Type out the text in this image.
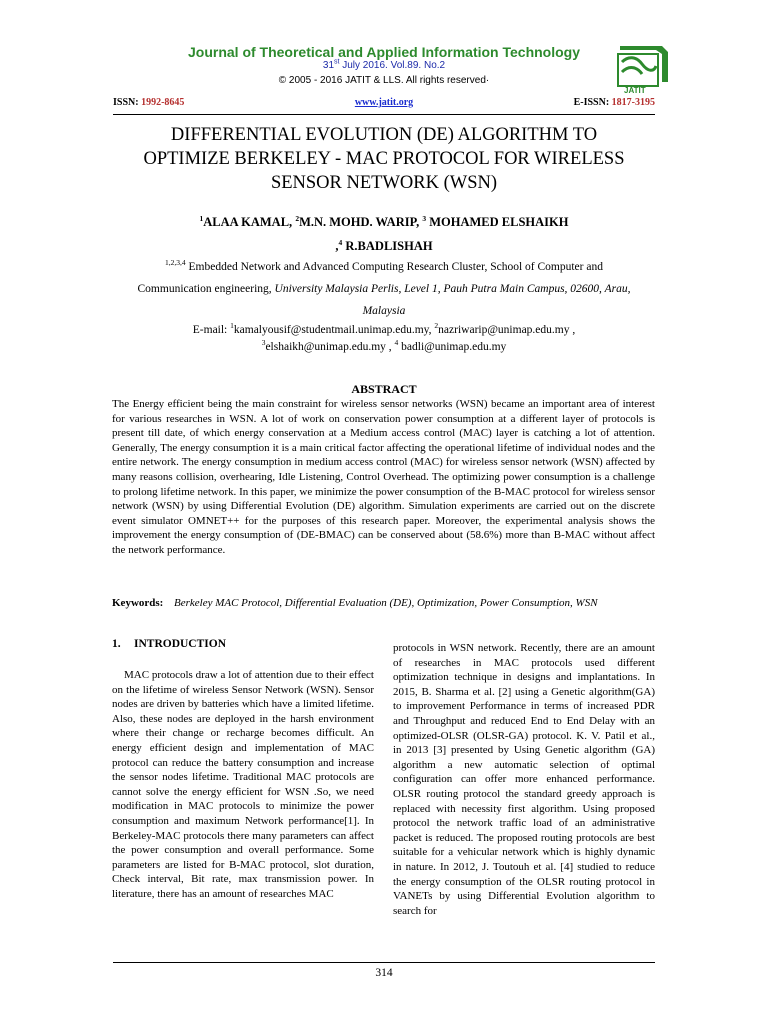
Journal of Theoretical and Applied Information Technology
31st July 2016. Vol.89. No.2
© 2005 - 2016 JATIT & LLS. All rights reserved·
JATIT
ISSN: 1992-8645	www.jatit.org	E-ISSN: 1817-3195
DIFFERENTIAL EVOLUTION (DE) ALGORITHM TO
OPTIMIZE BERKELEY - MAC PROTOCOL FOR WIRELESS
SENSOR NETWORK (WSN)
$^1$ALAA KAMAL, $^2$M.N. MOHD. WARIP, $^3$ MOHAMED ELSHAIKH
,$^4$ R.BADLISHAH
$^{1,2,3,4}$ Embedded Network and Advanced Computing Research Cluster, School of Computer and
Communication engineering, University Malaysia Perlis, Level 1, Pauh Putra Main Campus, 02600, Arau,
Malaysia
E-mail: $^1$kamalyousif@studentmail.unimap.edu.my, $^2$nazriwarip@unimap.edu.my ,
$^3$elshaikh@unimap.edu.my , $^4$ badli@unimap.edu.my
ABSTRACT
The Energy efficient being the main constraint for wireless sensor networks (WSN) became an important area of interest for various researches in WSN. A lot of work on conservation power consumption at a different layer of protocols is present till date, of which energy conservation at a Medium access control (MAC) layer is catching a lot of attention. Generally, The energy consumption it is a main critical factor affecting the operational lifetime of individual nodes and the entire network. The energy consumption in medium access control (MAC) for wireless sensor network (WSN) affected by many reasons collision, overhearing, Idle Listening, Control Overhead. The optimizing power consumption is a challenge to prolong lifetime network. In this paper, we minimize the power consumption of the B-MAC protocol for wireless sensor network (WSN) by using Differential Evolution (DE) algorithm. Simulation experiments are carried out on the discrete event simulator OMNET++ for the purposes of this research paper. Moreover, the experimental analysis shows the improvement the energy consumption of (DE-BMAC) can be conserved about (58.6%) more than B-MAC without affect the network performance.
Keywords: Berkeley MAC Protocol, Differential Evaluation (DE), Optimization, Power Consumption, WSN
1. INTRODUCTION
MAC protocols draw a lot of attention due to their effect on the lifetime of wireless Sensor Network (WSN). Sensor nodes are driven by batteries which have a limited lifetime. Also, these nodes are deployed in the harsh environment where their change or recharge becomes difficult. An energy efficient design and implementation of MAC protocol can reduce the battery consumption and increase the sensor nodes lifetime. Traditional MAC protocols are cannot solve the energy efficient for WSN .So, we need modification in MAC protocols to minimize the power consumption and maximum Network performance[1]. In Berkeley-MAC protocols there many parameters can affect the power consumption and overall performance. Some parameters are listed for B-MAC protocol, slot duration, Check interval, Bit rate, max transmission power. In literature, there has an amount of researches MAC
protocols in WSN network. Recently, there are an amount of researches in MAC protocols used different optimization technique in designs and implantations. In 2015, B. Sharma et al. [2] using a Genetic algorithm(GA) to improvement Performance in terms of increased PDR and Throughput and reduced End to End Delay with an optimized-OLSR (OLSR-GA) protocol. K. V. Patil et al., in 2013 [3] presented by Using Genetic algorithm (GA) algorithm a new automatic selection of optimal configuration can offer more enhanced performance. OLSR routing protocol the standard greedy approach is replaced with necessity first algorithm. Using proposed protocol the network traffic load of an administrative packet is reduced. The proposed routing protocols are best suitable for a vehicular network which is highly dynamic in nature. In 2012, J. Toutouh et al. [4] studied to reduce the energy consumption of the OLSR routing protocol in VANETs by using Differential Evolution algorithm to search for
314
